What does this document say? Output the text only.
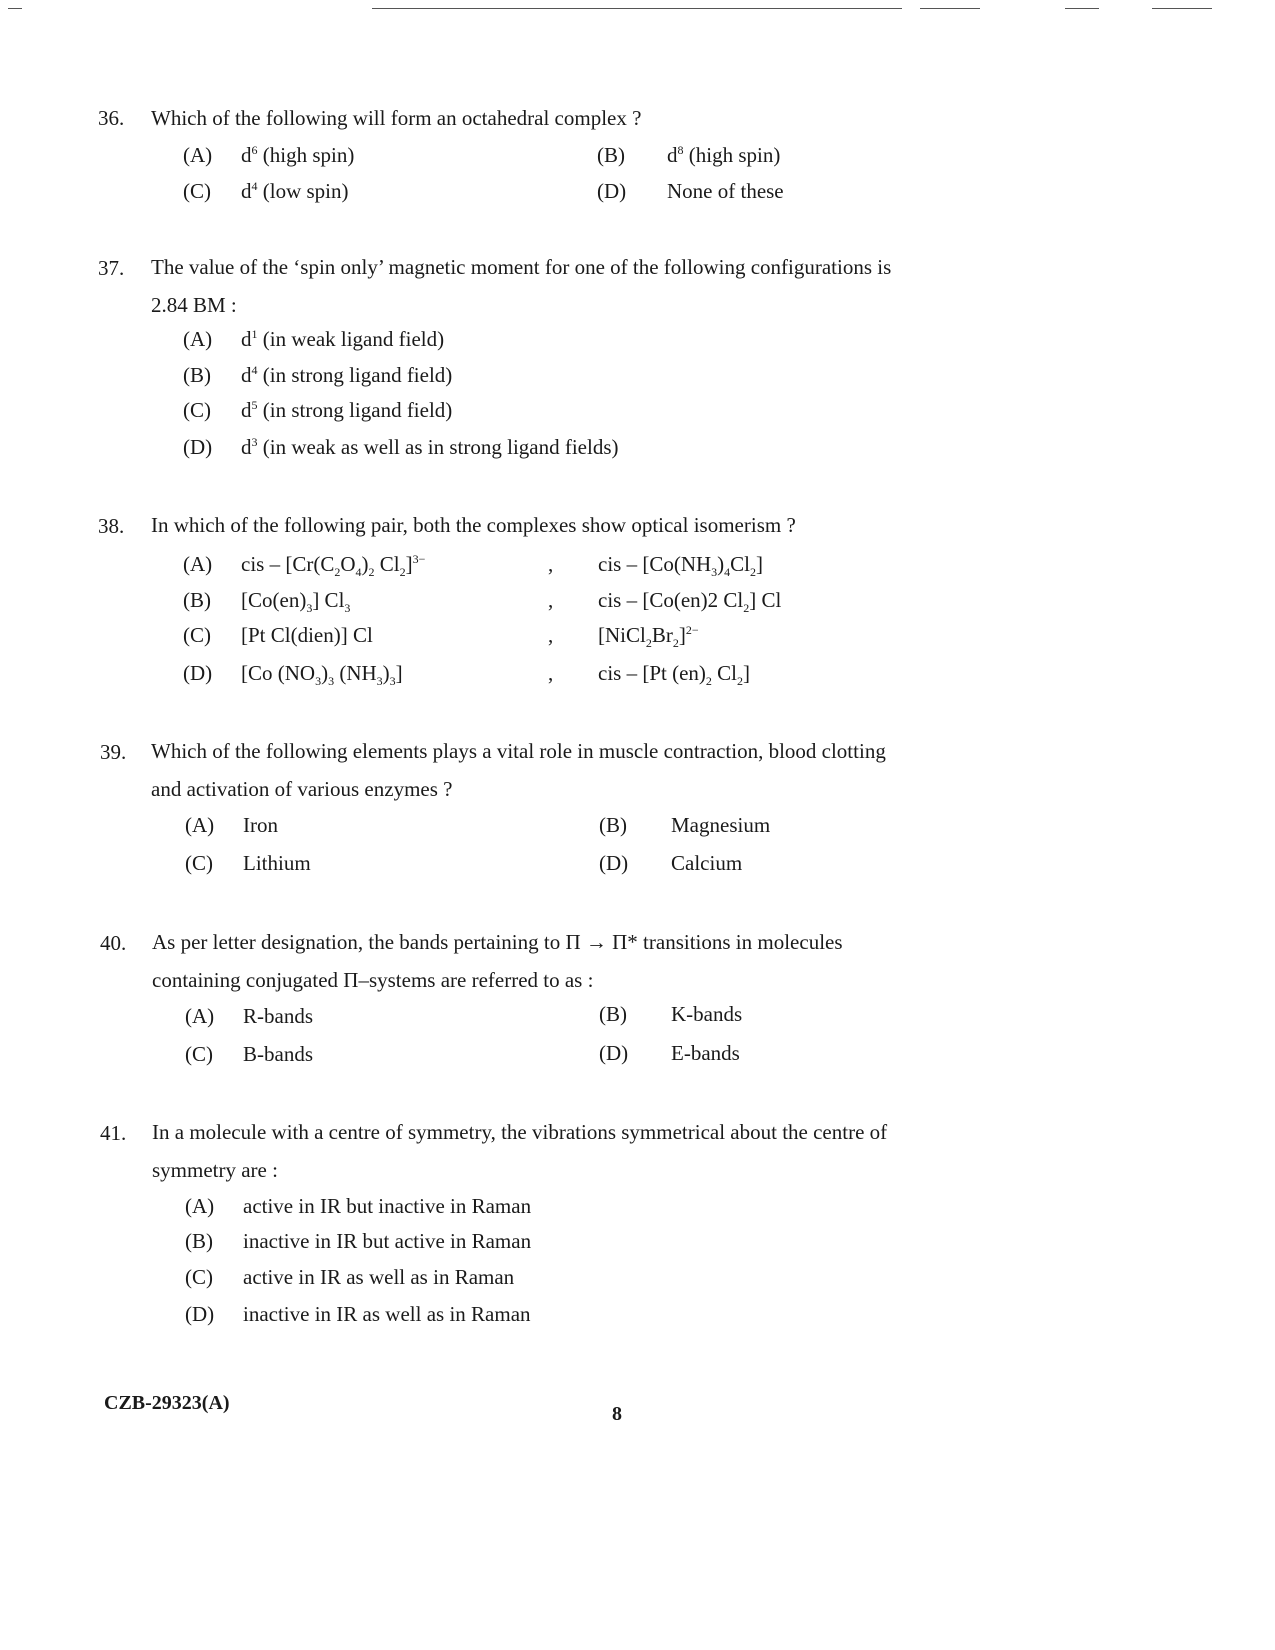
36. Which of the following will form an octahedral complex ?
(A) $d^6$ (high spin)	(B) $d^8$ (high spin)
(C) $d^4$ (low spin)	(D) None of these
37. The value of the ‘spin only’ magnetic moment for one of the following configurations is 2.84 BM :
(A) $d^1$ (in weak ligand field)
(B) $d^4$ (in strong ligand field)
(C) $d^5$ (in strong ligand field)
(D) $d^3$ (in weak as well as in strong ligand fields)
38. In which of the following pair, both the complexes show optical isomerism ?
(A) cis – [$Cr(C_2O_4)_2$ $Cl_2]^{3-}$	, cis – $[Co(NH_3)_4Cl_2]$
(B) $[Co(en)_3]$ $Cl_3$	, cis – [Co(en)2 $Cl_2$] Cl
(C) [Pt Cl(dien)] Cl	, $[NiCl_2Br_2]^{2-}$
(D) [Co $(NO_3)_3$ $(NH_3)_3$]	, cis – [Pt $(en)_2$ $Cl_2$]
39. Which of the following elements plays a vital role in muscle contraction, blood clotting and activation of various enzymes ?
(A) Iron	(B) Magnesium
(C) Lithium	(D) Calcium
40. As per letter designation, the bands pertaining to Π → Π* transitions in molecules containing conjugated Π–systems are referred to as :
(A) R-bands	(B) K-bands
(C) B-bands	(D) E-bands
41. In a molecule with a centre of symmetry, the vibrations symmetrical about the centre of symmetry are :
(A) active in IR but inactive in Raman
(B) inactive in IR but active in Raman
(C) active in IR as well as in Raman
(D) inactive in IR as well as in Raman
CZB-29323(A)	8
